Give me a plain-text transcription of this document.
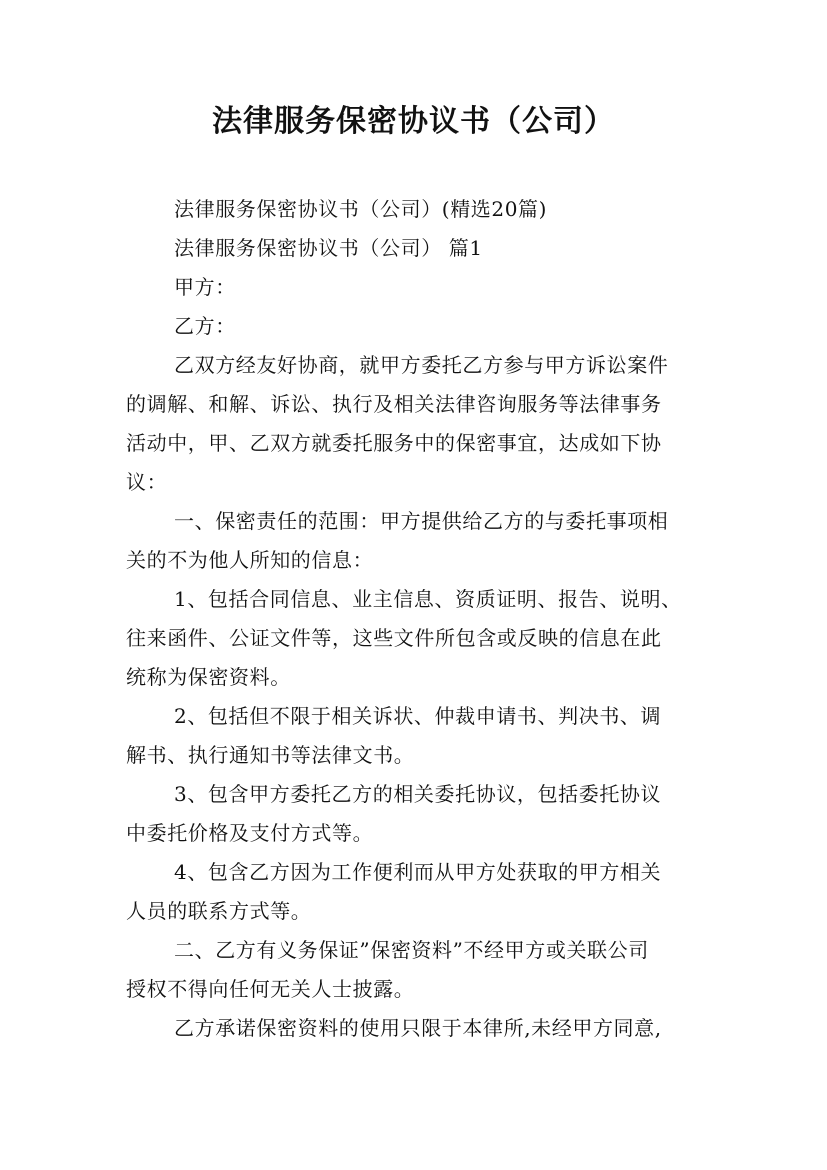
法律服务保密协议书（公司）
法律服务保密协议书（公司）(精选20篇)
法律服务保密协议书（公司） 篇1
甲方：
乙方：
乙双方经友好协商，就甲方委托乙方参与甲方诉讼案件
的调解、和解、诉讼、执行及相关法律咨询服务等法律事务
活动中，甲、乙双方就委托服务中的保密事宜，达成如下协
议：
一、保密责任的范围：甲方提供给乙方的与委托事项相
关的不为他人所知的信息：
1、包括合同信息、业主信息、资质证明、报告、说明、
往来函件、公证文件等，这些文件所包含或反映的信息在此
统称为保密资料。
2、包括但不限于相关诉状、仲裁申请书、判决书、调
解书、执行通知书等法律文书。
3、包含甲方委托乙方的相关委托协议，包括委托协议
中委托价格及支付方式等。
4、包含乙方因为工作便利而从甲方处获取的甲方相关
人员的联系方式等。
二、乙方有义务保证”保密资料”不经甲方或关联公司
授权不得向任何无关人士披露。
乙方承诺保密资料的使用只限于本律所,未经甲方同意,
